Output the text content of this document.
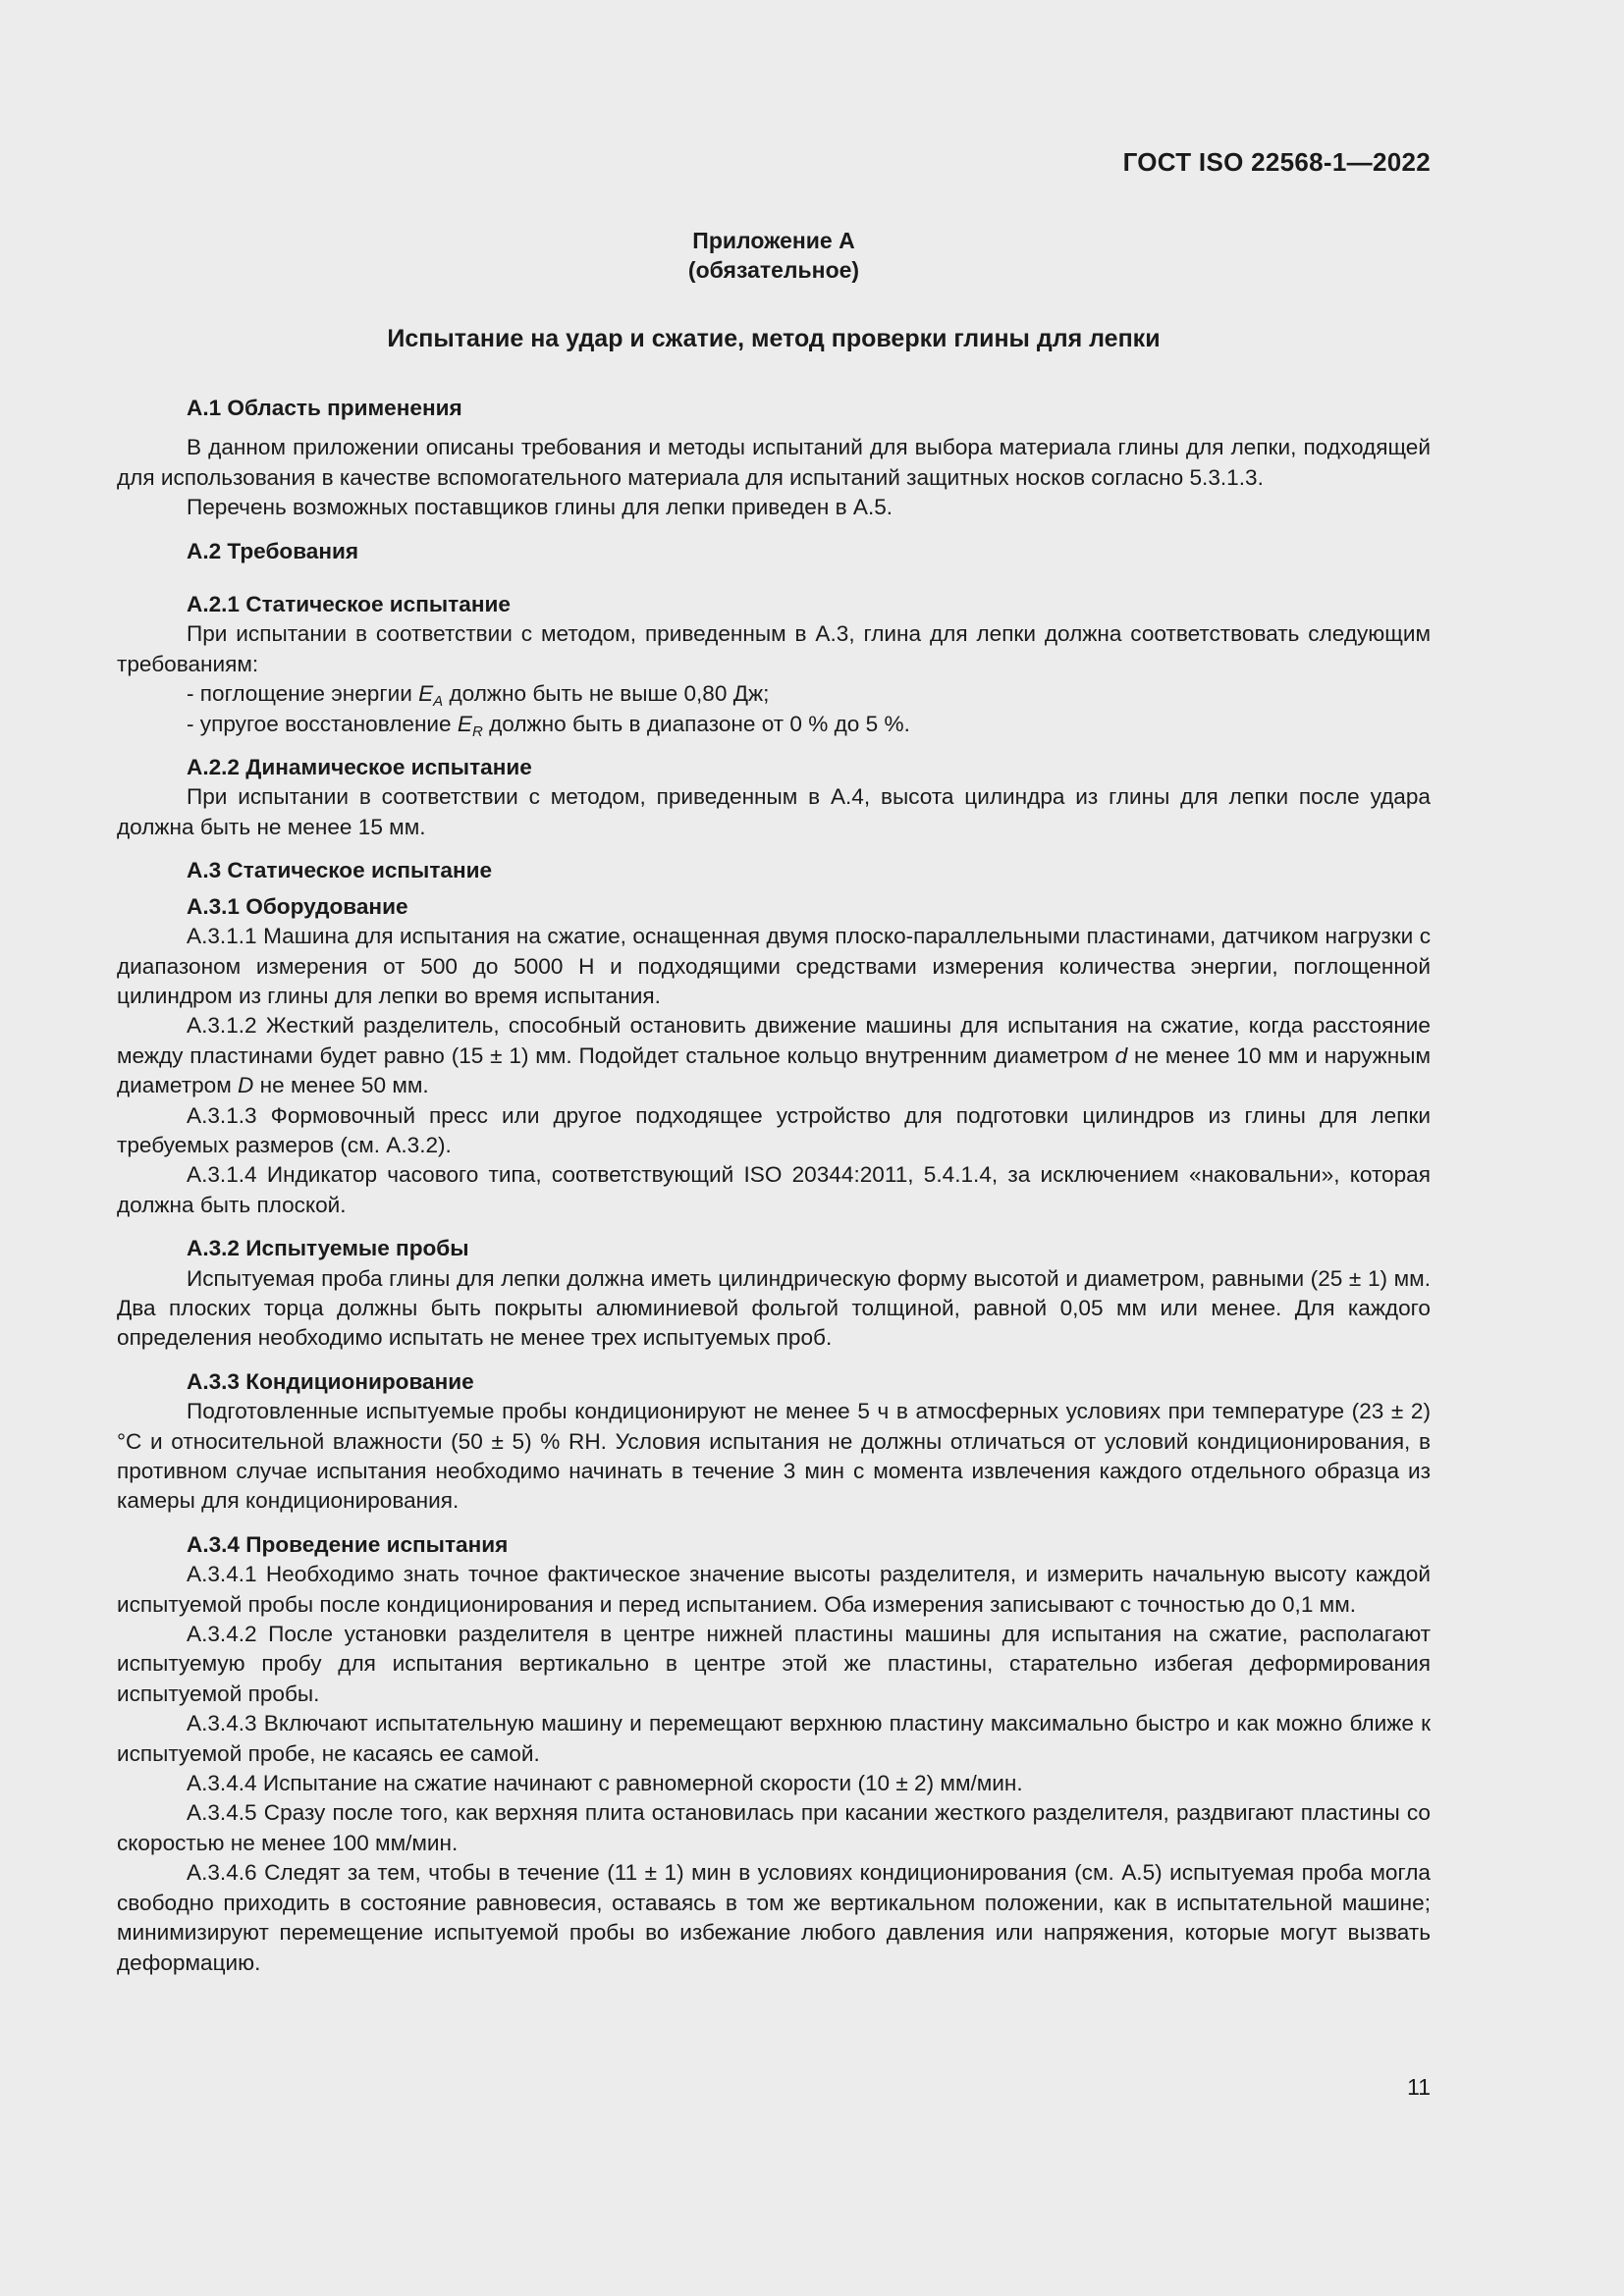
ГОСТ ISO 22568-1—2022
Приложение А
(обязательное)
Испытание на удар и сжатие, метод проверки глины для лепки
А.1 Область применения

В данном приложении описаны требования и методы испытаний для выбора материала глины для лепки, подходящей для использования в качестве вспомогательного материала для испытаний защитных носков согласно 5.3.1.3.

Перечень возможных поставщиков глины для лепки приведен в А.5.

А.2 Требования
А.2.1 Статическое испытание

При испытании в соответствии с методом, приведенным в А.3, глина для лепки должна соответствовать следующим требованиям:

- поглощение энергии $E_A$ должно быть не выше 0,80 Дж;
- упругое восстановление $E_R$ должно быть в диапазоне от 0 % до 5 %.
А.2.2 Динамическое испытание

При испытании в соответствии с методом, приведенным в А.4, высота цилиндра из глины для лепки после удара должна быть не менее 15 мм.

А.3 Статическое испытание
А.3.1 Оборудование

А.3.1.1 Машина для испытания на сжатие, оснащенная двумя плоско-параллельными пластинами, датчиком нагрузки с диапазоном измерения от 500 до 5000 Н и подходящими средствами измерения количества энергии, поглощенной цилиндром из глины для лепки во время испытания.

А.3.1.2 Жесткий разделитель, способный остановить движение машины для испытания на сжатие, когда расстояние между пластинами будет равно (15 ± 1) мм. Подойдет стальное кольцо внутренним диаметром d не менее 10 мм и наружным диаметром D не менее 50 мм.

А.3.1.3 Формовочный пресс или другое подходящее устройство для подготовки цилиндров из глины для лепки требуемых размеров (см. А.3.2).

А.3.1.4 Индикатор часового типа, соответствующий ISO 20344:2011, 5.4.1.4, за исключением «наковальни», которая должна быть плоской.

А.3.2 Испытуемые пробы

Испытуемая проба глины для лепки должна иметь цилиндрическую форму высотой и диаметром, равными (25 ± 1) мм. Два плоских торца должны быть покрыты алюминиевой фольгой толщиной, равной 0,05 мм или менее. Для каждого определения необходимо испытать не менее трех испытуемых проб.

А.3.3 Кондиционирование

Подготовленные испытуемые пробы кондиционируют не менее 5 ч в атмосферных условиях при температуре (23 ± 2) °С и относительной влажности (50 ± 5) % RH. Условия испытания не должны отличаться от условий кондиционирования, в противном случае испытания необходимо начинать в течение 3 мин с момента извлечения каждого отдельного образца из камеры для кондиционирования.

А.3.4 Проведение испытания

А.3.4.1 Необходимо знать точное фактическое значение высоты разделителя, и измерить начальную высоту каждой испытуемой пробы после кондиционирования и перед испытанием. Оба измерения записывают с точностью до 0,1 мм.

А.3.4.2 После установки разделителя в центре нижней пластины машины для испытания на сжатие, располагают испытуемую пробу для испытания вертикально в центре этой же пластины, старательно избегая деформирования испытуемой пробы.

А.3.4.3 Включают испытательную машину и перемещают верхнюю пластину максимально быстро и как можно ближе к испытуемой пробе, не касаясь ее самой.

А.3.4.4 Испытание на сжатие начинают с равномерной скорости (10 ± 2) мм/мин.

А.3.4.5 Сразу после того, как верхняя плита остановилась при касании жесткого разделителя, раздвигают пластины со скоростью не менее 100 мм/мин.

А.3.4.6 Следят за тем, чтобы в течение (11 ± 1) мин в условиях кондиционирования (см. А.5) испытуемая проба могла свободно приходить в состояние равновесия, оставаясь в том же вертикальном положении, как в испытательной машине; минимизируют перемещение испытуемой пробы во избежание любого давления или напряжения, которые могут вызвать деформацию.

11
